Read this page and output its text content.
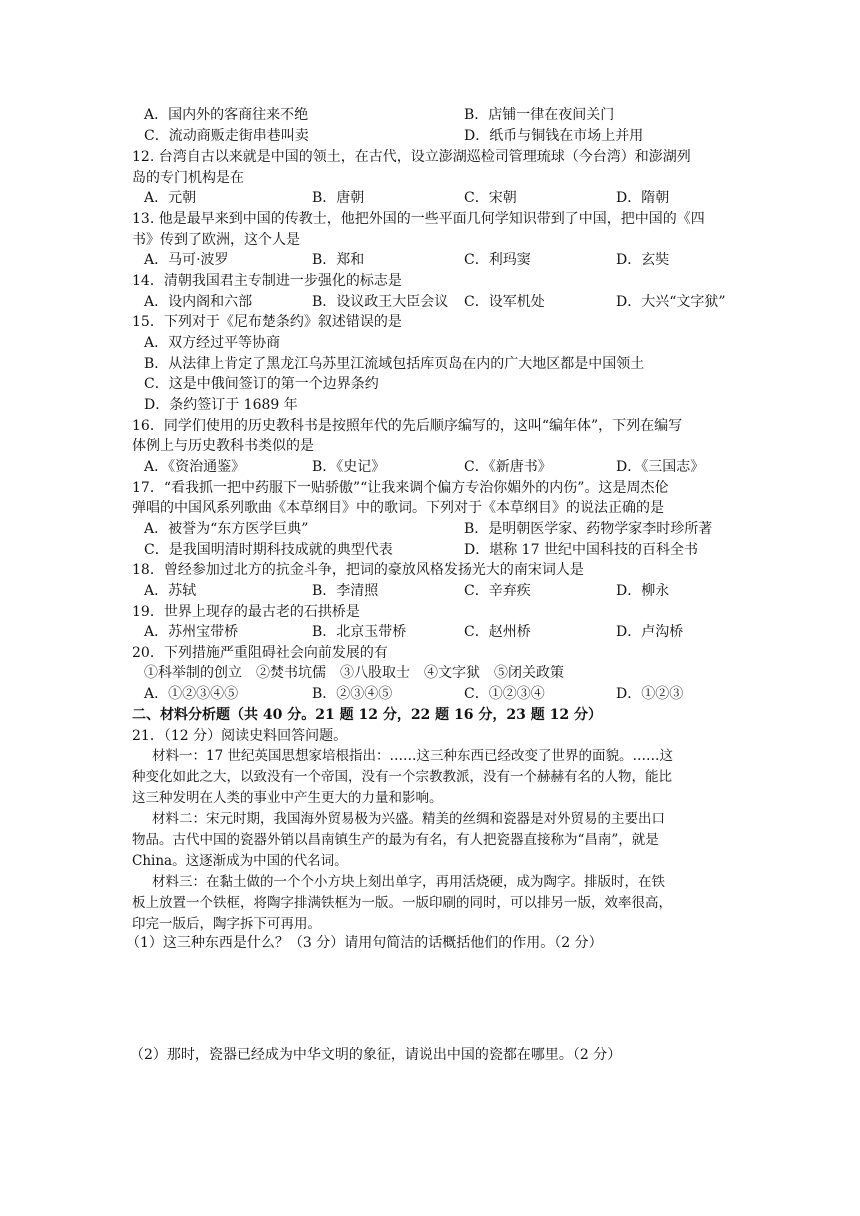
A．国内外的客商往来不绝	B．店铺一律在夜间关门
C．流动商贩走街串巷叫卖	D．纸币与铜钱在市场上并用
12. 台湾自古以来就是中国的领土，在古代，设立澎湖巡检司管理琉球（今台湾）和澎湖列
岛的专门机构是在
A．元朝	B．唐朝	C．宋朝	D．隋朝
13. 他是最早来到中国的传教士，他把外国的一些平面几何学知识带到了中国，把中国的《四
书》传到了欧洲，这个人是
A．马可·波罗	B．郑和	C．利玛窦	D．玄奘
14．清朝我国君主专制进一步强化的标志是
A．设内阁和六部	B．设议政王大臣会议 C．设军机处	D．大兴“文字狱”
15．下列对于《尼布楚条约》叙述错误的是
A．双方经过平等协商
B．从法律上肯定了黑龙江乌苏里江流域包括库页岛在内的广大地区都是中国领土
C．这是中俄间签订的第一个边界条约
D．条约签订于 1689 年
16．同学们使用的历史教科书是按照年代的先后顺序编写的，这叫“编年体”，下列在编写
体例上与历史教科书类似的是
A．《资治通鉴》	B．《史记》	C．《新唐书》	D．《三国志》
17．“看我抓一把中药服下一贴骄傲”“让我来调个偏方专治你媚外的内伤”。这是周杰伦
弹唱的中国风系列歌曲《本草纲目》中的歌词。下列对于《本草纲目》的说法正确的是
A．被誉为“东方医学巨典”	B．是明朝医学家、药物学家李时珍所著
C．是我国明清时期科技成就的典型代表	D．堪称 17 世纪中国科技的百科全书
18．曾经参加过北方的抗金斗争，把词的豪放风格发扬光大的南宋词人是
A．苏轼	B．李清照	C．辛弃疾	D．柳永
19．世界上现存的最古老的石拱桥是
A．苏州宝带桥	B．北京玉带桥	C．赵州桥	D．卢沟桥
20．下列措施严重阻碍社会向前发展的有
①科举制的创立　②焚书坑儒　③八股取士　④文字狱　⑤闭关政策
A．①②③④⑤	B．②③④⑤	C．①②③④	D．①②③
二、材料分析题（共 40 分。21 题 12 分，22 题 16 分，23 题 12 分）
21．（12 分）阅读史料回答问题。
材料一：17 世纪英国思想家培根指出：……这三种东西已经改变了世界的面貌。……这
种变化如此之大，以致没有一个帝国，没有一个宗教教派，没有一个赫赫有名的人物，能比
这三种发明在人类的事业中产生更大的力量和影响。
材料二：宋元时期，我国海外贸易极为兴盛。精美的丝绸和瓷器是对外贸易的主要出口
物品。古代中国的瓷器外销以昌南镇生产的最为有名，有人把瓷器直接称为“昌南”，就是
China。这逐渐成为中国的代名词。
材料三：在黏土做的一个个小方块上刻出单字，再用活烧硬，成为陶字。排版时，在铁
板上放置一个铁框，将陶字排满铁框为一版。一版印刷的同时，可以排另一版，效率很高，
印完一版后，陶字拆下可再用。
（1）这三种东西是什么？（3 分）请用句简洁的话概括他们的作用。（2 分）
（2）那时，瓷器已经成为中华文明的象征，请说出中国的瓷都在哪里。（2 分）
